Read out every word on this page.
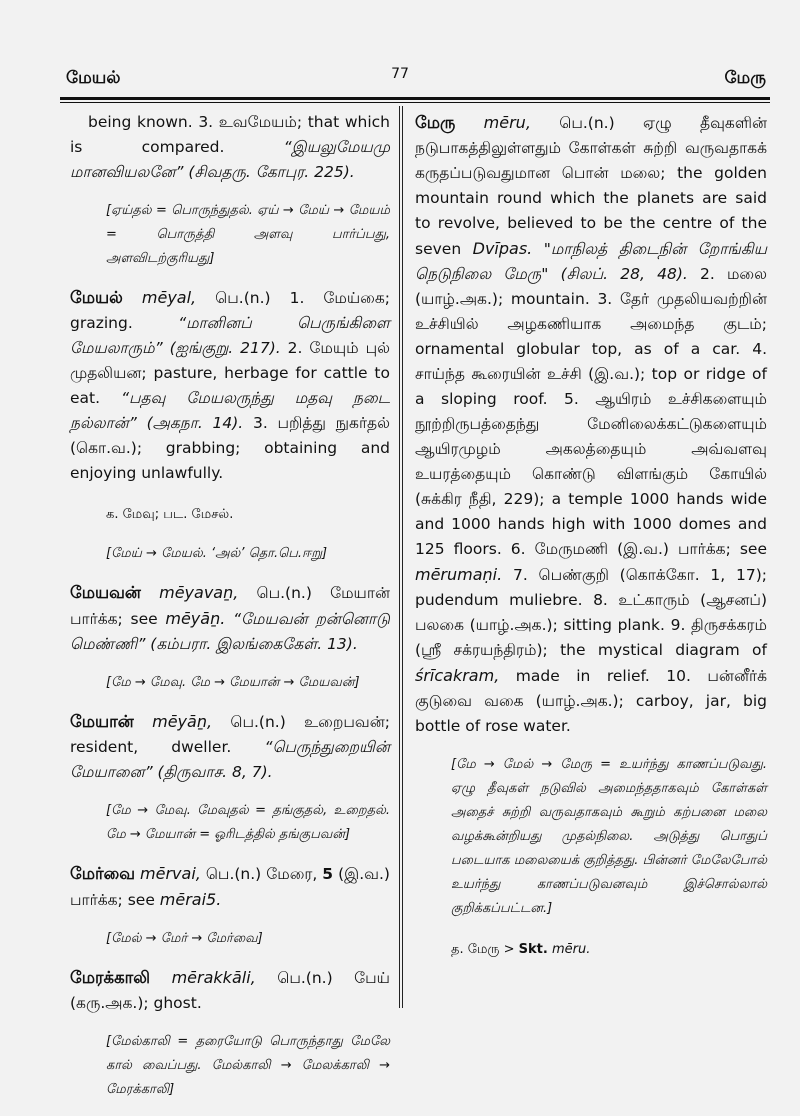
மேயல்	77	மேரு

being known. 3. உவமேயம்; that which is compared.	“இயலுமேயமு மானவியலனே” (சிவதரு. கோபுர. 225).

[ஏய்தல் = பொருந்துதல். ஏய் → மேய் → மேயம் = பொருத்தி அளவு பார்ப்பது, அளவிடற்குரியது]

மேயல் mēyal, பெ.(n.) 1. மேய்கை; grazing.	“மானினப் பெருங்கிளை மேயலாரும்” (ஐங்குறு. 217). 2. மேயும் புல் முதலியன; pasture, herbage for cattle to eat. “பதவு மேயலருந்து மதவு நடை நல்லான்” (அகநா. 14). 3. பறித்து நுகர்தல் (கொ.வ.); grabbing; obtaining and enjoying unlawfully.

க. மேவு; பட. மேசல்.
[மேய் → மேயல். ‘அல்’ தொ.பெ.ஈறு]

மேயவன் mēyavaṉ, பெ.(n.) மேயான் பார்க்க; see mēyāṉ. “மேயவன் றன்னொடு மெண்ணி” (கம்பரா. இலங்கைகேள். 13).

[மே → மேவு. மே → மேயான் → மேயவன்]

மேயான் mēyāṉ, பெ.(n.) உறைபவன்; resident, dweller. “பெருந்துறையின் மேயானை” (திருவாச. 8, 7).

[மே → மேவு. மேவுதல் = தங்குதல், உறைதல். மே → மேயான் = ஓரிடத்தில் தங்குபவன்]

மேர்வை mērvai, பெ.(n.) மேரை, 5 (இ.வ.) பார்க்க; see mērai5.

[மேல் → மேர் → மேர்வை]

மேரக்காலி mērakkāli, பெ.(n.) பேய் (கரு.அக.); ghost.

[மேல்காலி = தரையோடு பொருந்தாது மேலே கால் வைப்பது. மேல்காலி → மேலக்காலி → மேரக்காலி]

மேரு mēru, பெ.(n.) ஏழு தீவுகளின் நடுபாகத்திலுள்ளதும் கோள்கள் சுற்றி வருவதாகக் கருதப்படுவதுமான பொன் மலை; the golden mountain round which the planets are said to revolve, believed to be the centre of the seven Dvīpas. "மாநிலத் திடைநின் றோங்கிய நெடுநிலை மேரு" (சிலப். 28, 48). 2. மலை (யாழ்.அக.); mountain. 3. தேர் முதலியவற்றின் உச்சியில் அழகணியாக அமைந்த குடம்; ornamental globular top, as of a car. 4. சாய்ந்த கூரையின் உச்சி (இ.வ.); top or ridge of a sloping roof. 5. ஆயிரம் உச்சிகளையும் நூற்றிருபத்தைந்து மேனிலைக்கட்டுகளையும் ஆயிரமுழம் அகலத்தையும் அவ்வளவு உயரத்தையும் கொண்டு விளங்கும் கோயில் (சுக்கிர நீதி, 229); a temple 1000 hands wide and 1000 hands high with 1000 domes and 125 floors. 6. மேருமணி (இ.வ.) பார்க்க; see mērumaṇi. 7. பெண்குறி (கொக்கோ. 1, 17); pudendum muliebre. 8. உட்காரும் (ஆசனப்) பலகை (யாழ்.அக.); sitting plank. 9. திருசக்கரம் (ஸ்ரீ சக்ரயந்திரம்); the mystical diagram of śrīcakram, made in relief. 10. பன்னீர்க் குடுவை வகை (யாழ்.அக.); carboy, jar, big bottle of rose water.

[மே → மேல் → மேரு = உயர்ந்து காணப்படுவது. ஏழு தீவுகள் நடுவில் அமைந்ததாகவும் கோள்கள் அதைச் சுற்றி வருவதாகவும் கூறும் கற்பனை மலை வழக்கூன்றியது முதல்நிலை. அடுத்து பொதுப் படையாக மலையைக் குறித்தது. பின்னர் மேலேபோல் உயர்ந்து காணப்படுவனவும் இச்சொல்லால் குறிக்கப்பட்டன.]
த. மேரு > Skt. mēru.
